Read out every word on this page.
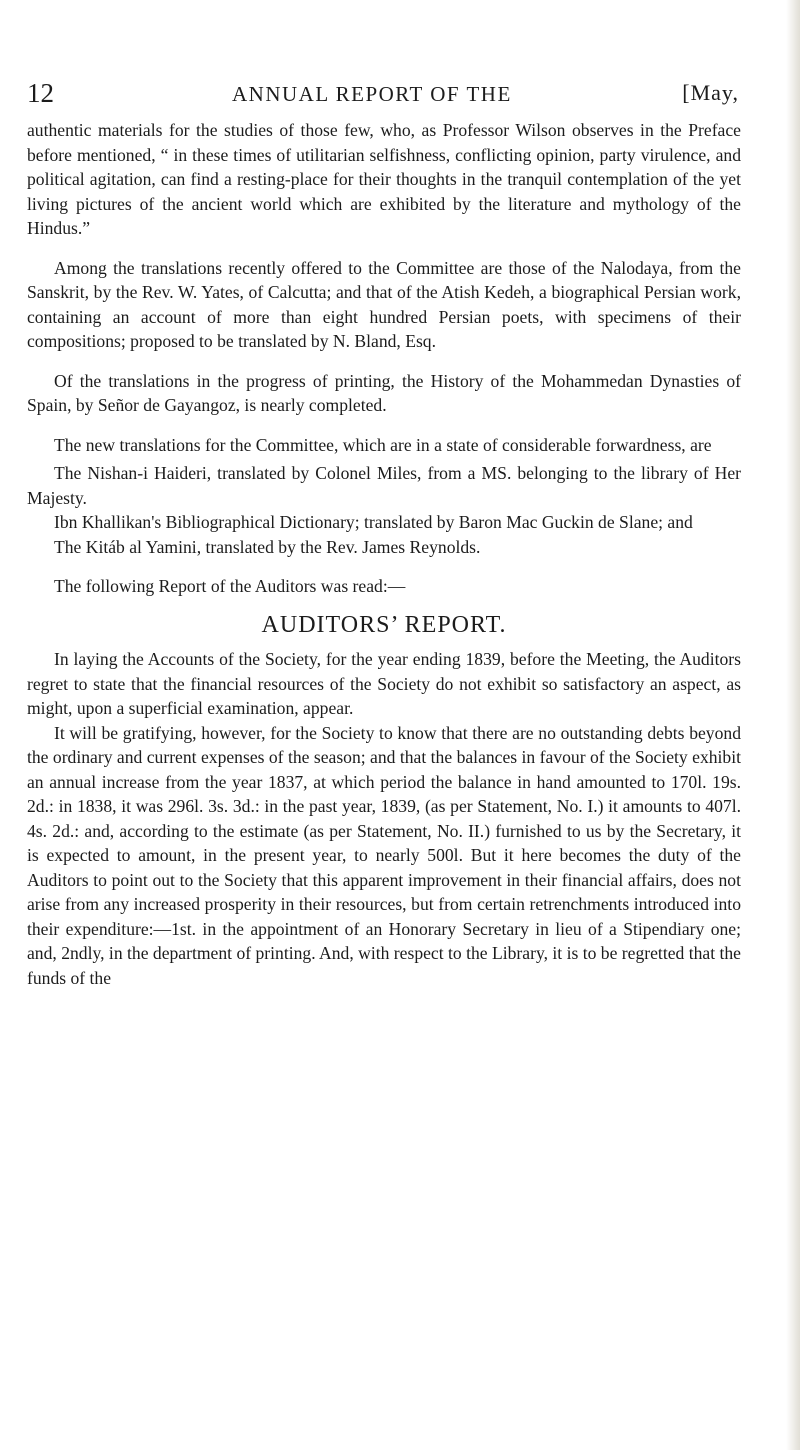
12	ANNUAL REPORT OF THE	[May,

authentic materials for the studies of those few, who, as Professor Wilson observes in the Preface before mentioned, “ in these times of utilitarian selfishness, conflicting opinion, party virulence, and political agitation, can find a resting-place for their thoughts in the tranquil contemplation of the yet living pictures of the ancient world which are exhibited by the literature and mythology of the Hindus.”

Among the translations recently offered to the Committee are those of the Nalodaya, from the Sanskrit, by the Rev. W. Yates, of Calcutta; and that of the Atish Kedeh, a biographical Persian work, containing an account of more than eight hundred Persian poets, with specimens of their compositions; proposed to be translated by N. Bland, Esq.

Of the translations in the progress of printing, the History of the Mohammedan Dynasties of Spain, by Señor de Gayangoz, is nearly completed.

The new translations for the Committee, which are in a state of considerable forwardness, are

The Nishan-i Haideri, translated by Colonel Miles, from a MS. belonging to the library of Her Majesty.

Ibn Khallikan's Bibliographical Dictionary; translated by Baron Mac Guckin de Slane; and

The Kitáb al Yamini, translated by the Rev. James Reynolds.

The following Report of the Auditors was read:—

AUDITORS’ REPORT.

In laying the Accounts of the Society, for the year ending 1839, before the Meeting, the Auditors regret to state that the financial resources of the Society do not exhibit so satisfactory an aspect, as might, upon a superficial examination, appear.

It will be gratifying, however, for the Society to know that there are no outstanding debts beyond the ordinary and current expenses of the season; and that the balances in favour of the Society exhibit an annual increase from the year 1837, at which period the balance in hand amounted to 170l. 19s. 2d.: in 1838, it was 296l. 3s. 3d.: in the past year, 1839, (as per Statement, No. I.) it amounts to 407l. 4s. 2d.: and, according to the estimate (as per Statement, No. II.) furnished to us by the Secretary, it is expected to amount, in the present year, to nearly 500l. But it here becomes the duty of the Auditors to point out to the Society that this apparent improvement in their financial affairs, does not arise from any increased prosperity in their resources, but from certain retrenchments introduced into their expenditure:—1st. in the appointment of an Honorary Secretary in lieu of a Stipendiary one; and, 2ndly, in the department of printing. And, with respect to the Library, it is to be regretted that the funds of the
